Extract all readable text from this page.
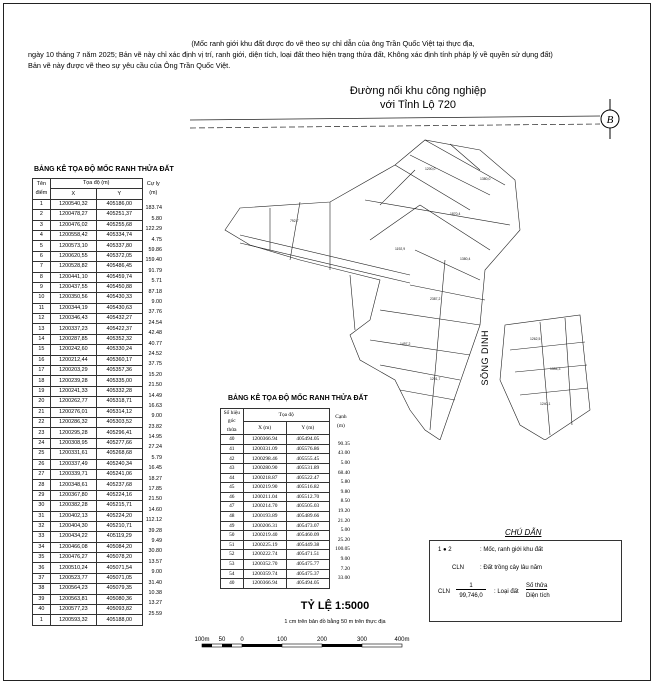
(Mốc ranh giới khu đất được đo vẽ theo sự chỉ dẫn của ông Trần Quốc Việt tại thực địa,
ngày 10 tháng 7 năm 2025; Bản vẽ này chỉ xác định vị trí, ranh giới, diện tích, loại đất theo hiện trạng thửa đất, Không xác định tính pháp lý về quyền sử dụng đất)
Bản vẽ này được vẽ theo sự yêu cầu của Ông Trần Quốc Việt.
Đường nối khu công nghiệp
với Tỉnh Lộ 720
B
1200,0
1380,0
1870,4
1192,9
1380,4
2387,2
1497,2
1201,7
792,7
1262,5
1394,3
1240,1
SÔNG DINH
BẢNG KÊ TỌA ĐỘ MỐC RANH THỬA ĐẤT
Tên điểm	Tọa độ (m)		Cự ly (m)
	X	Y	
1	1200540,32	405186,00	183.74
2	1200478,27	405251,37	5.80
3	1200476,02	405255,68	122.29
4	1200558,42	405334,74	4.75
5	1200573,10	405337,80	59.86
6	1200620,55	405372,05	159.40
7	1200528,82	405486,45	91.79
8	1200441,10	405459,74	5.71
9	1200437,55	405450,88	87.18
10	1200350,56	405430,33	9.00
11	1200344,19	405430,63	37.76
12	1200346,43	405432,27	24.54
13	1200337,23	405422,37	42.48
14	1200287,85	405352,32	40.77
15	1200242,60	405330,24	24.52
16	1200212,44	405360,17	37.75
17	1200203,29	405357,36	15.20
18	1200239,28	405335,00	21.50
19	1200241,33	405332,28	14.49
20	1200262,77	405318,71	16.63
21	1200276,01	405314,12	9.00
22	1200286,32	405303,52	23.82
23	1200295,28	405296,41	14.95
24	1200308,95	405277,66	27.24
25	1200331,61	405268,68	5.79
26	1200337,49	405240,34	16.45
27	1200339,71	405241,06	18.27
28	1200348,61	405237,68	17.85
29	1200367,80	405224,16	21.50
30	1200382,28	405215,71	14.60
31	1200402,13	405224,20	112.12
32	1200404,30	405210,71	39.28
33	1200434,22	405119,29	9.49
34	1200466,08	405084,20	30.80
35	1200476,27	405078,20	13.57
36	1200510,24	405071,54	9.00
37	1200523,77	405071,05	31.40
38	1200564,23	405079,35	10.38
39	1200563,81	405080,36	13.27
40	1200577,23	405093,82	25.59
1	1200593,32	405188,00	
BẢNG KÊ TỌA ĐỘ MỐC RANH THỬA ĐẤT
Số hiệu góc thửa	Tọa độ		Cạnh (m)
	X (m)	Y (m)	
40	1200366.94	405494.05	90.35
41	1200331.09	405576.86	43.00
42	1200298.46	405555.45	5.00
43	1200280.90	405531.89	68.40
44	1200218.87	405522.47	5.80
45	1200219.90	405516.82	9.80
46	1200211.04	405512.70	8.50
47	1200214.70	405505.03	19.20
48	1200193.89	405489.66	21.20
49	1200206.31	405473.07	5.00
50	1200219.40	405460.09	25.20
51	1200225.19	405449.38	100.05
52	1200222.74	405471.51	9.00
53	1200352.70	405475.77	7.20
54	1200359.74	405475.37	33.00
40	1200366.94	405494.05	
CHÚ DẪN
1 ● 2	: Mốc, ranh giới khu đất
CLN	: Đất trồng cây lâu năm
CLN
1
99,746,0
: Loại đất
Số thửa
Diện tích
TỶ LỆ 1:5000
1 cm trên bản đồ bằng 50 m trên thực địa
100m 50 0	100	200	300	400m
